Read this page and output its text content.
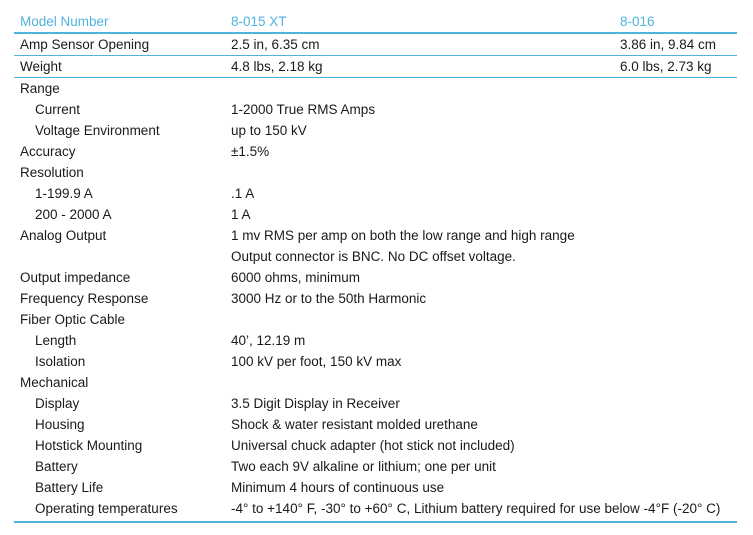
Model Number	8-015 XT	8-016
Amp Sensor Opening	2.5 in, 6.35 cm	3.86 in, 9.84 cm
Weight	4.8 lbs, 2.18 kg	6.0 lbs, 2.73 kg
Range
Current	1-2000 True RMS Amps
Voltage Environment	up to 150 kV
Accuracy	±1.5%
Resolution
1-199.9 A	.1 A
200 - 2000 A	1 A
Analog Output	1 mv RMS per amp on both the low range and high range
Output connector is BNC. No DC offset voltage.
Output impedance	6000 ohms, minimum
Frequency Response	3000 Hz or to the 50th Harmonic
Fiber Optic Cable
Length	40’, 12.19 m
Isolation	100 kV per foot, 150 kV max
Mechanical
Display	3.5 Digit Display in Receiver
Housing	Shock & water resistant molded urethane
Hotstick Mounting	Universal chuck adapter (hot stick not included)
Battery	Two each 9V alkaline or lithium; one per unit
Battery Life	Minimum 4 hours of continuous use
Operating temperatures	-4° to +140° F, -30° to +60° C, Lithium battery required for use below -4°F (-20° C)
